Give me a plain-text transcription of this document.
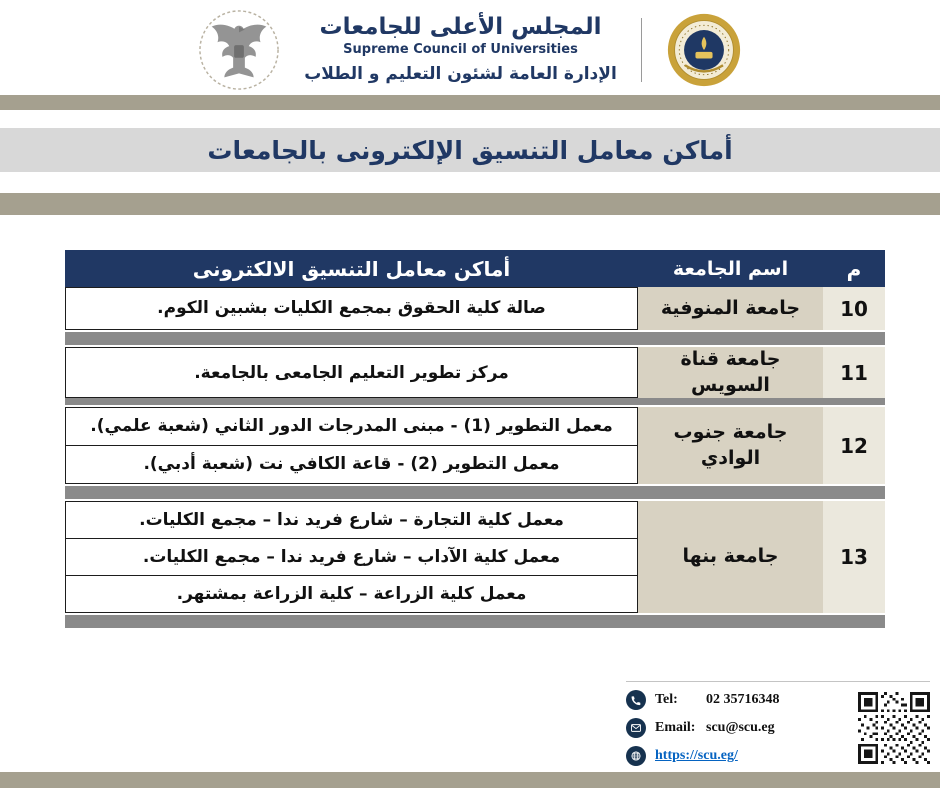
المجلس الأعلى للجامعات
Supreme Council of Universities
الإدارة العامة لشئون التعليم و الطلاب
أماكن معامل التنسيق الإلكترونى بالجامعات
م
اسم الجامعة
أماكن معامل التنسيق الالكترونى
10
جامعة المنوفية
صالة كلية الحقوق بمجمع الكليات بشبين الكوم.
11
جامعة قناة السويس
مركز تطوير التعليم الجامعى بالجامعة.
12
جامعة جنوب الوادي
معمل التطوير (1) - مبنى المدرجات الدور الثاني (شعبة علمي).
معمل التطوير (2) - قاعة الكافي نت (شعبة أدبي).
13
جامعة بنها
معمل كلية التجارة – شارع فريد ندا – مجمع الكليات.
معمل كلية الآداب – شارع فريد ندا – مجمع الكليات.
معمل كلية الزراعة – كلية الزراعة بمشتهر.
Tel:	02 35716348
Email: scu@scu.eg
https://scu.eg/
